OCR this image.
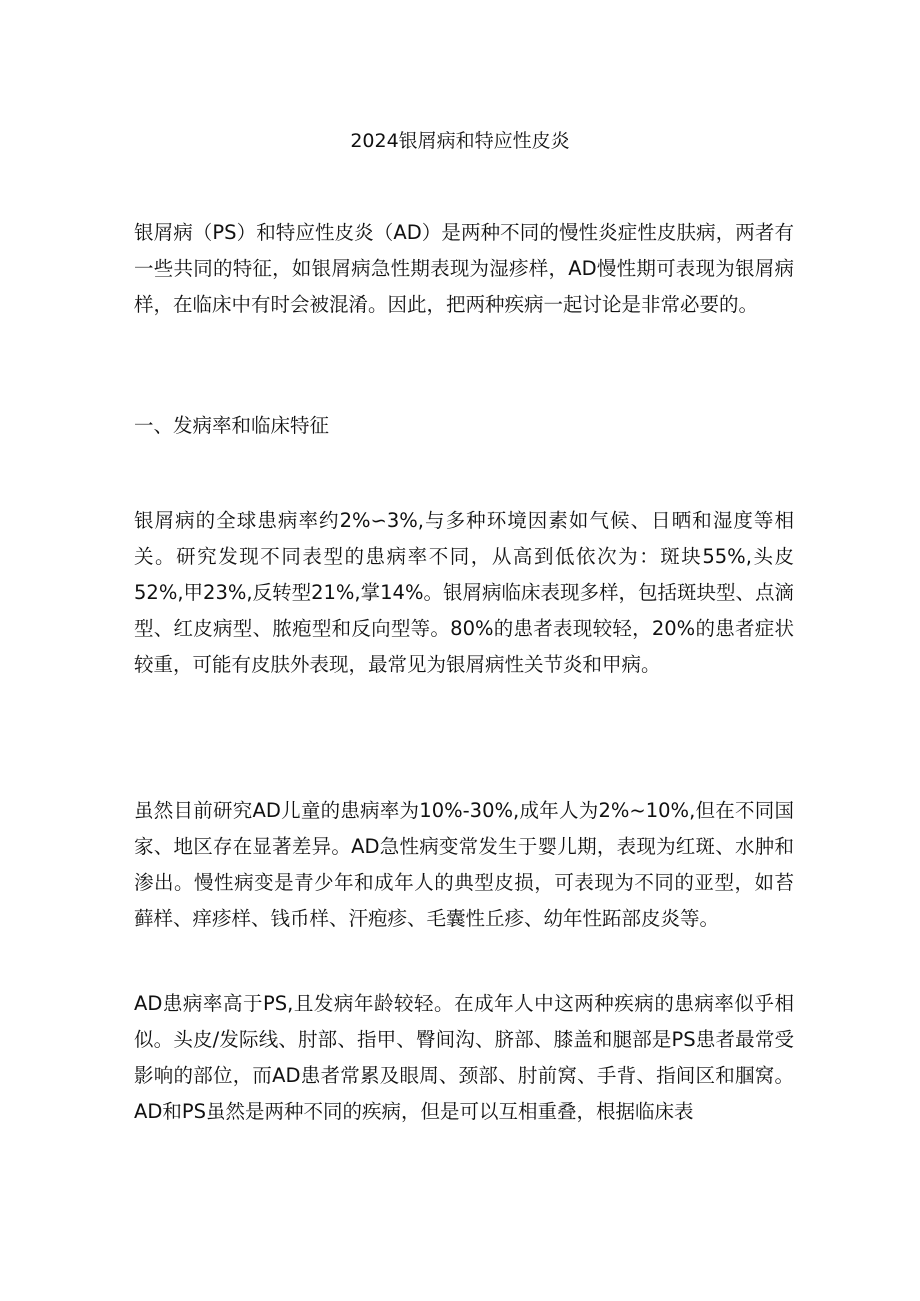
2024银屑病和特应性皮炎

银屑病（PS）和特应性皮炎（AD）是两种不同的慢性炎症性皮肤病，两者有一些共同的特征，如银屑病急性期表现为湿疹样，AD慢性期可表现为银屑病样，在临床中有时会被混淆。因此，把两种疾病一起讨论是非常必要的。

一、发病率和临床特征

银屑病的全球患病率约2%∽3%,与多种环境因素如气候、日晒和湿度等相关。研究发现不同表型的患病率不同，从高到低依次为：斑块55%,头皮52%,甲23%,反转型21%,掌14%。银屑病临床表现多样，包括斑块型、点滴型、红皮病型、脓疱型和反向型等。80%的患者表现较轻，20%的患者症状较重，可能有皮肤外表现，最常见为银屑病性关节炎和甲病。

虽然目前研究AD儿童的患病率为10%-30%,成年人为2%~10%,但在不同国家、地区存在显著差异。AD急性病变常发生于婴儿期，表现为红斑、水肿和渗出。慢性病变是青少年和成年人的典型皮损，可表现为不同的亚型，如苔藓样、痒疹样、钱币样、汗疱疹、毛囊性丘疹、幼年性跖部皮炎等。

AD患病率高于PS,且发病年龄较轻。在成年人中这两种疾病的患病率似乎相似。头皮/发际线、肘部、指甲、臀间沟、脐部、膝盖和腿部是PS患者最常受影响的部位，而AD患者常累及眼周、颈部、肘前窝、手背、指间区和腘窝。AD和PS虽然是两种不同的疾病，但是可以互相重叠，根据临床表
